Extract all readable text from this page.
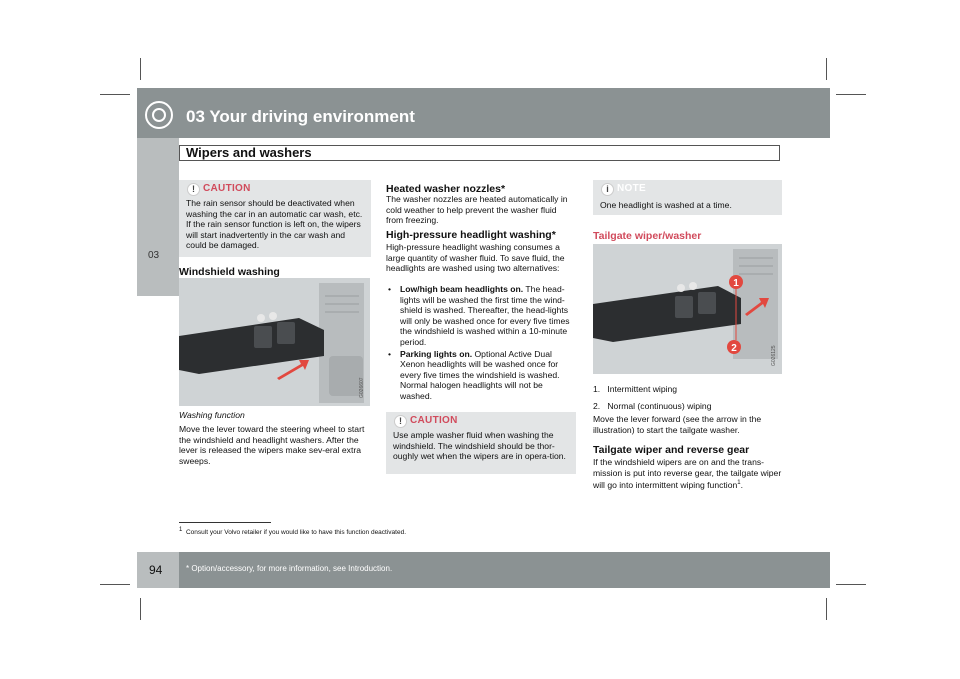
03 Your driving environment
Wipers and washers
03
! CAUTION
The rain sensor should be deactivated when washing the car in an automatic car wash, etc. If the rain sensor function is left on, the wipers will start inadvertently in the car wash and could be damaged.
Windshield washing
G026607
Washing function
Move the lever toward the steering wheel to start the windshield and headlight washers. After the lever is released the wipers make sev-eral extra sweeps.
Heated washer nozzles*
The washer nozzles are heated automatically in cold weather to help prevent the washer fluid from freezing.
High-pressure headlight washing*
High-pressure headlight washing consumes a large quantity of washer fluid. To save fluid, the headlights are washed using two alternatives:
• Low/high beam headlights on. The head-lights will be washed the first time the wind-shield is washed. Thereafter, the head-lights will only be washed once for every five times the windshield is washed within a 10-minute period.
• Parking lights on. Optional Active Dual Xenon headlights will be washed once for every five times the windshield is washed. Normal halogen headlights will not be washed.
! CAUTION
Use ample washer fluid when washing the windshield. The windshield should be thor-oughly wet when the wipers are in opera-tion.
i NOTE
One headlight is washed at a time.
Tailgate wiper/washer
1
2	G026125
1. Intermittent wiping
2. Normal (continuous) wiping
Move the lever forward (see the arrow in the illustration) to start the tailgate washer.
Tailgate wiper and reverse gear
If the windshield wipers are on and the trans-mission is put into reverse gear, the tailgate wiper will go into intermittent wiping function$^1$.
$^1$ Consult your Volvo retailer if you would like to have this function deactivated.
94	* Option/accessory, for more information, see Introduction.
